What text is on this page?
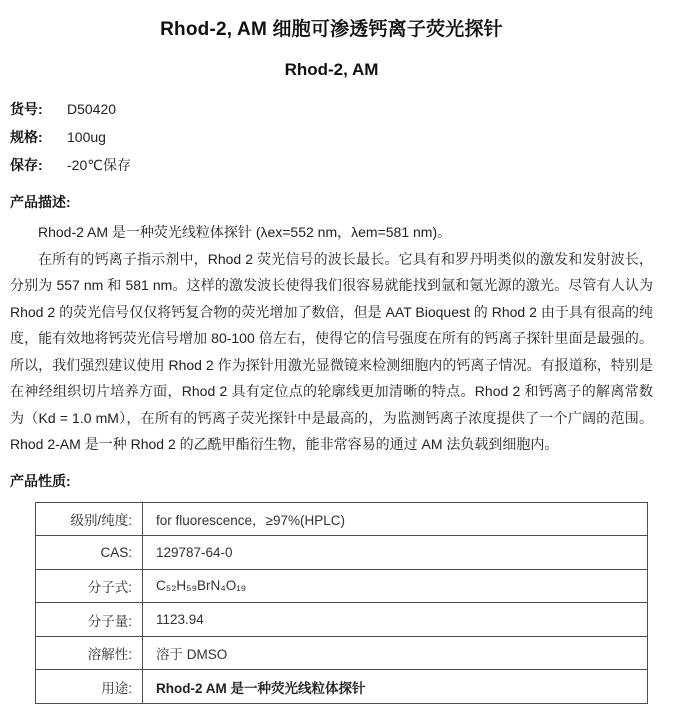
Rhod-2, AM 细胞可渗透钙离子荧光探针
Rhod-2, AM
货号: D50420
规格: 100ug
保存: -20℃保存
产品描述:

Rhod-2 AM 是一种荧光线粒体探针 (λex=552 nm，λem=581 nm)。

在所有的钙离子指示剂中，Rhod 2 荧光信号的波长最长。它具有和罗丹明类似的激发和发射波长，分别为 557 nm 和 581 nm。这样的激发波长使得我们很容易就能找到氩和氪光源的激光。尽管有人认为 Rhod 2 的荧光信号仅仅将钙复合物的荧光增加了数倍，但是 AAT Bioquest 的 Rhod 2 由于具有很高的纯度，能有效地将钙荧光信号增加 80-100 倍左右，使得它的信号强度在所有的钙离子探针里面是最强的。所以，我们强烈建议使用 Rhod 2 作为探针用激光显微镜来检测细胞内的钙离子情况。有报道称，特别是在神经组织切片培养方面，Rhod 2 具有定位点的轮廓线更加清晰的特点。Rhod 2 和钙离子的解离常数为（Kd = 1.0 mM），在所有的钙离子荧光探针中是最高的，为监测钙离子浓度提供了一个广阔的范围。Rhod 2-AM 是一种 Rhod 2 的乙酰甲酯衍生物，能非常容易的通过 AM 法负载到细胞内。

产品性质:
级别/纯度:	for fluorescence，≥97%(HPLC)
CAS:	129787-64-0
分子式:	C₅₂H₅₉BrN₄O₁₉
分子量:	1123.94
溶解性:	溶于 DMSO
用途:	Rhod-2 AM 是一种荧光线粒体探针
